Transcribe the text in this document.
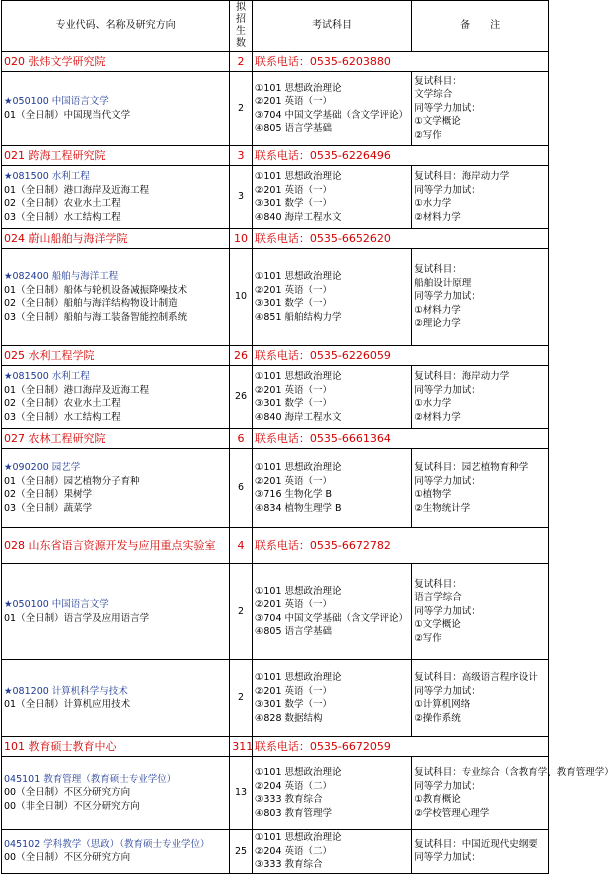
专业代码、名称及研究方向	拟招生数	考试科目	备　　注
020 张炜文学研究院	2	联系电话：0535-6203880	

★050100 中国语言文学
01（全日制）中国现当代文学	2	①101 思想政治理论
②201 英语（一）
③704 中国文学基础（含文学评论）
④805 语言学基础	复试科目：
文学综合
同等学力加试：
①文学概论
②写作

021 跨海工程研究院	3	联系电话：0535-6226496	

★081500 水利工程
01（全日制）港口海岸及近海工程
02（全日制）农业水土工程
03（全日制）水工结构工程	3	①101 思想政治理论
②201 英语（一）
③301 数学（一）
④840 海岸工程水文	复试科目：海岸动力学
同等学力加试：
①水力学
②材料力学

024 蔚山船舶与海洋学院	10	联系电话：0535-6652620	

★082400 船舶与海洋工程
01（全日制）船体与轮机设备减振降噪技术
02（全日制）船舶与海洋结构物设计制造
03（全日制）船舶与海工装备智能控制系统	10	①101 思想政治理论
②201 英语（一）
③301 数学（一）
④851 船舶结构力学	复试科目：
船舶设计原理
同等学力加试：
①材料力学
②理论力学

025 水利工程学院	26	联系电话：0535-6226059	

★081500 水利工程
01（全日制）港口海岸及近海工程
02（全日制）农业水土工程
03（全日制）水工结构工程	26	①101 思想政治理论
②201 英语（一）
③301 数学（一）
④840 海岸工程水文	复试科目：海岸动力学
同等学力加试：
①水力学
②材料力学

027 农林工程研究院	6	联系电话：0535-6661364	

★090200 园艺学
01（全日制）园艺植物分子育种
02（全日制）果树学
03（全日制）蔬菜学	6	①101 思想政治理论
②201 英语（一）
③716 生物化学 B
④834 植物生理学 B	复试科目：园艺植物育种学
同等学力加试：
①植物学
②生物统计学

028 山东省语言资源开发与应用重点实验室	4	联系电话：0535-6672782	

★050100 中国语言文学
01（全日制）语言学及应用语言学	2	①101 思想政治理论
②201 英语（一）
③704 中国文学基础（含文学评论）
④805 语言学基础	复试科目：
语言学综合
同等学力加试：
①文学概论
②写作

★081200 计算机科学与技术
01（全日制）计算机应用技术	2	①101 思想政治理论
②201 英语（一）
③301 数学（一）
④828 数据结构	复试科目：高级语言程序设计
同等学力加试：
①计算机网络
②操作系统

101 教育硕士教育中心	311	联系电话：0535-6672059	

045101 教育管理（教育硕士专业学位）
00（全日制）不区分研究方向
00（非全日制）不区分研究方向	13	①101 思想政治理论
②204 英语（二）
③333 教育综合
④803 教育管理学	复试科目：专业综合（含教育学、教育管理学）
同等学力加试：
①教育概论
②学校管理心理学

045102 学科教学（思政）（教育硕士专业学位）
00（全日制）不区分研究方向	25	①101 思想政治理论
②204 英语（二）
③333 教育综合	复试科目：中国近现代史纲要
同等学力加试：
